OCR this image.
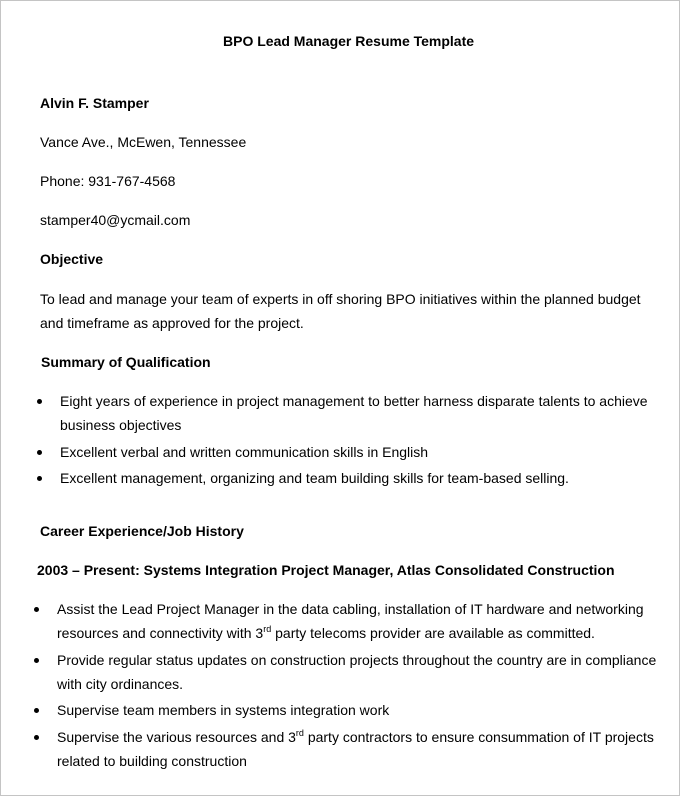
BPO Lead Manager Resume Template
Alvin F. Stamper
Vance Ave., McEwen, Tennessee
Phone: 931-767-4568
stamper40@ycmail.com
Objective
To lead and manage your team of experts in off shoring BPO initiatives within the planned budget
and timeframe as approved for the project.
Summary of Qualification
Eight years of experience in project management to better harness disparate talents to achieve
business objectives
Excellent verbal and written communication skills in English
Excellent management, organizing and team building skills for team-based selling.
Career Experience/Job History
2003 – Present: Systems Integration Project Manager, Atlas Consolidated Construction
Assist the Lead Project Manager in the data cabling, installation of IT hardware and networking
resources and connectivity with 3rd party telecoms provider are available as committed.
Provide regular status updates on construction projects throughout the country are in compliance
with city ordinances.
Supervise team members in systems integration work
Supervise the various resources and 3rd party contractors to ensure consummation of IT projects
related to building construction
